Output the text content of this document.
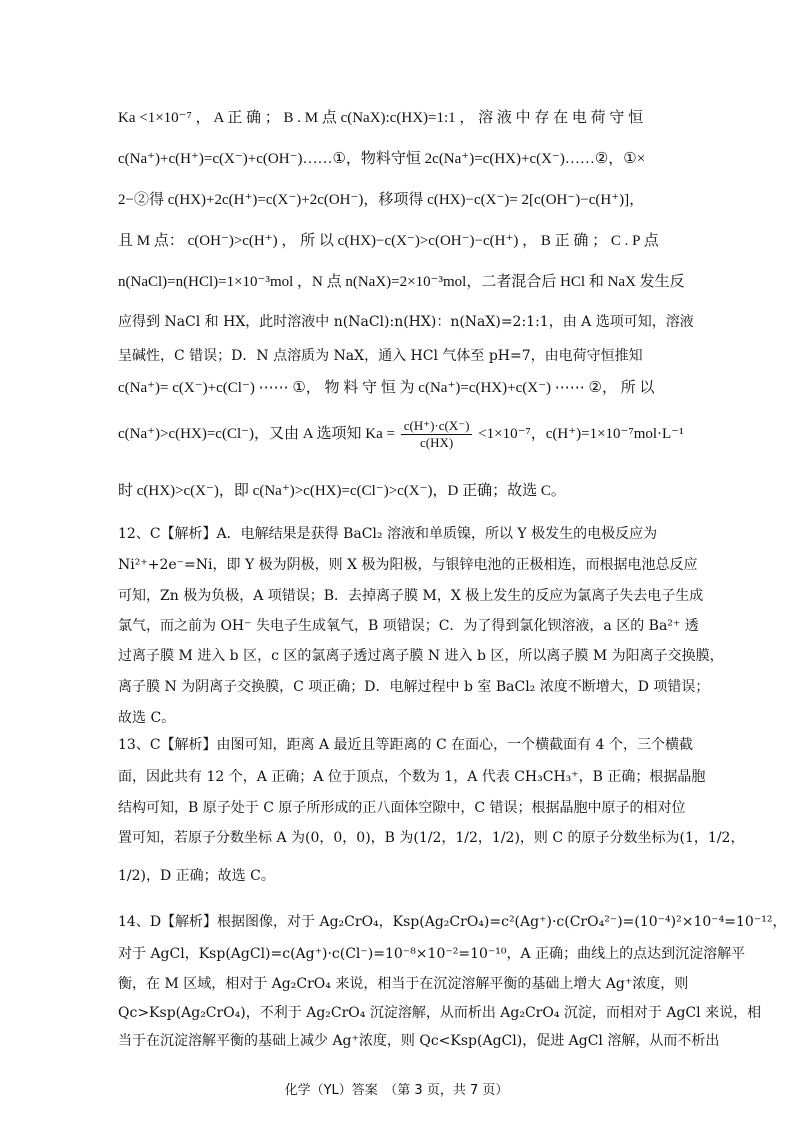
Ka <1×10⁻⁷ ， A 正 确 ； B . M 点 c(NaX):c(HX)=1:1 ， 溶 液 中 存 在 电 荷 守 恒
c(Na⁺)+c(H⁺)=c(X⁻)+c(OH⁻)……①，物料守恒 2c(Na⁺)=c(HX)+c(X⁻)……②，①×
2−②得 c(HX)+2c(H⁺)=c(X⁻)+2c(OH⁻)，移项得 c(HX)−c(X⁻)= 2[c(OH⁻)−c(H⁺)]，
且 M 点： c(OH⁻)>c(H⁺) ， 所 以 c(HX)−c(X⁻)>c(OH⁻)−c(H⁺) ， B 正 确 ； C . P 点
n(NaCl)=n(HCl)=1×10⁻³mol ，N 点 n(NaX)=2×10⁻³mol，二者混合后 HCl 和 NaX 发生反
应得到 NaCl 和 HX，此时溶液中 n(NaCl):n(HX)：n(NaX)=2:1:1，由 A 选项可知，溶液
呈碱性，C 错误；D．N 点溶质为 NaX，通入 HCl 气体至 pH=7，由电荷守恒推知
c(Na⁺)= c(X⁻)+c(Cl⁻) ⋯⋯ ①， 物 料 守 恒 为 c(Na⁺)=c(HX)+c(X⁻) ⋯⋯ ②， 所 以
c(Na⁺)>c(HX)=c(Cl⁻)，又由 A 选项知 $Ka = \frac{c(H^+)\cdot c(X^-)}{c(HX)} <1\times 10^{-7}$，c(H⁺)=1×10⁻⁷mol·L⁻¹
时 c(HX)>c(X⁻)，即 c(Na⁺)>c(HX)=c(Cl⁻)>c(X⁻)，D 正确；故选 C。
12、C【解析】A．电解结果是获得 BaCl₂ 溶液和单质镍，所以 Y 极发生的电极反应为
Ni²⁺+2e⁻=Ni，即 Y 极为阴极，则 X 极为阳极，与银锌电池的正极相连，而根据电池总反应
可知，Zn 极为负极，A 项错误；B．去掉离子膜 M，X 极上发生的反应为氯离子失去电子生成
氯气，而之前为 OH⁻ 失电子生成氧气，B 项错误；C．为了得到氯化钡溶液，a 区的 Ba²⁺ 透
过离子膜 M 进入 b 区，c 区的氯离子透过离子膜 N 进入 b 区，所以离子膜 M 为阳离子交换膜，
离子膜 N 为阴离子交换膜，C 项正确；D．电解过程中 b 室 BaCl₂ 浓度不断增大，D 项错误；
故选 C。
13、C【解析】由图可知，距离 A 最近且等距离的 C 在面心，一个横截面有 4 个，三个横截
面，因此共有 12 个，A 正确；A 位于顶点，个数为 1，A 代表 CH₃CH₃⁺，B 正确；根据晶胞
结构可知，B 原子处于 C 原子所形成的正八面体空隙中，C 错误；根据晶胞中原子的相对位
置可知，若原子分数坐标 A 为(0，0，0)，B 为(1/2，1/2，1/2)，则 C 的原子分数坐标为(1，1/2，
1/2)，D 正确；故选 C。
14、D【解析】根据图像，对于 Ag₂CrO₄，Ksp(Ag₂CrO₄)=c²(Ag⁺)·c(CrO₄²⁻)=(10⁻⁴)²×10⁻⁴=10⁻¹²，
对于 AgCl，Ksp(AgCl)=c(Ag⁺)·c(Cl⁻)=10⁻⁸×10⁻²=10⁻¹⁰，A 正确；曲线上的点达到沉淀溶解平
衡，在 M 区域，相对于 Ag₂CrO₄ 来说，相当于在沉淀溶解平衡的基础上增大 Ag⁺浓度，则
Qc>Ksp(Ag₂CrO₄)，不利于 Ag₂CrO₄ 沉淀溶解，从而析出 Ag₂CrO₄ 沉淀，而相对于 AgCl 来说，相
当于在沉淀溶解平衡的基础上减少 Ag⁺浓度，则 Qc<Ksp(AgCl)，促进 AgCl 溶解，从而不析出
化学（YL）答案　（第 3 页，共 7 页）
